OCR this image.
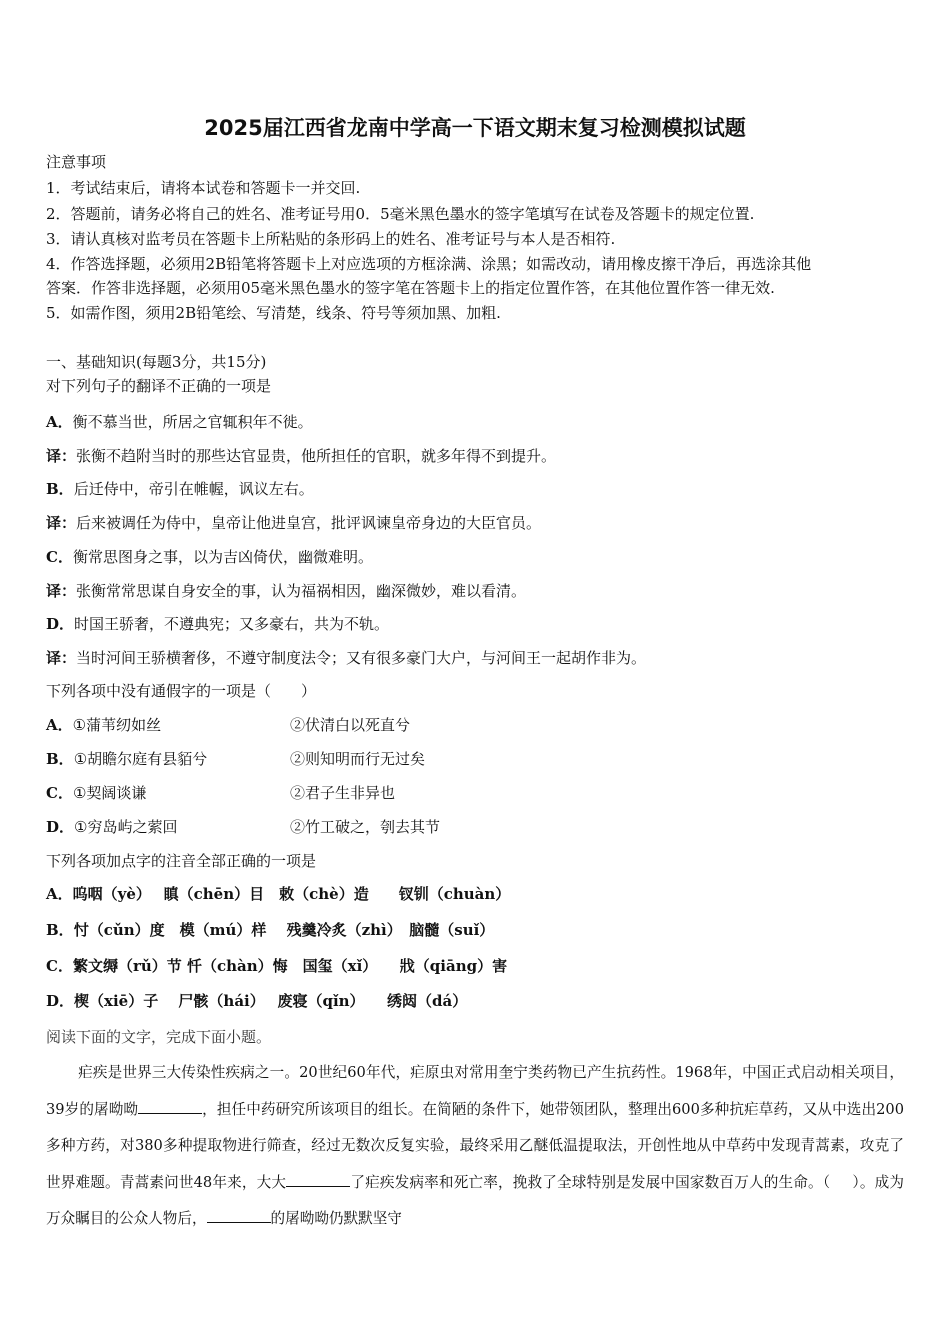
2025届江西省龙南中学高一下语文期末复习检测模拟试题
注意事项
1．考试结束后，请将本试卷和答题卡一并交回.
2．答题前，请务必将自己的姓名、准考证号用0．5毫米黑色墨水的签字笔填写在试卷及答题卡的规定位置.
3．请认真核对监考员在答题卡上所粘贴的条形码上的姓名、准考证号与本人是否相符.
4．作答选择题，必须用2B铅笔将答题卡上对应选项的方框涂满、涂黑；如需改动，请用橡皮擦干净后，再选涂其他
答案．作答非选择题，必须用05毫米黑色墨水的签字笔在答题卡上的指定位置作答，在其他位置作答一律无效.
5．如需作图，须用2B铅笔绘、写清楚，线条、符号等须加黑、加粗.
一、基础知识(每题3分，共15分)
对下列句子的翻译不正确的一项是
A．衡不慕当世，所居之官辄积年不徙。
译：张衡不趋附当时的那些达官显贵，他所担任的官职，就多年得不到提升。
B．后迁侍中，帝引在帷幄，讽议左右。
译：后来被调任为侍中，皇帝让他进皇宫，批评讽谏皇帝身边的大臣官员。
C．衡常思图身之事，以为吉凶倚伏，幽微难明。
译：张衡常常思谋自身安全的事，认为福祸相因，幽深微妙，难以看清。
D．时国王骄奢，不遵典宪；又多豪右，共为不轨。
译：当时河间王骄横奢侈，不遵守制度法令；又有很多豪门大户，与河间王一起胡作非为。
下列各项中没有通假字的一项是（　　）
A．①蒲苇纫如丝	②伏清白以死直兮
B．①胡瞻尔庭有县貊兮	②则知明而行无过矣
C．①契阔谈谦	②君子生非异也
D．①穷岛屿之萦回	②竹工破之，刳去其节
下列各项加点字的注音全部正确的一项是
A．呜咽（yè）　 瞋（chēn）目　敕（chè）造　　钗钏（chuàn）
B．忖（cǔn）度　模（mú）样　 残羹冷炙（zhì）　脑髓（suǐ）
C．繁文缛（rǔ）节 忏（chàn）悔　国玺（xǐ）　　戕（qiāng）害
D．楔（xiē）子　 尸骸（hái）　 废寝（qǐn）　　绣闼（dá）
阅读下面的文字，完成下面小题。
疟疾是世界三大传染性疾病之一。20世纪60年代，疟原虫对常用奎宁类药物已产生抗药性。1968年，中国正式启动相关项目，39岁的屠呦呦	，担任中药研究所该项目的组长。在简陋的条件下，她带领团队，整理出600多种抗疟草药，又从中选出200多种方药，对380多种提取物进行筛查，经过无数次反复实验，最终采用乙醚低温提取法，开创性地从中草药中发现青蒿素，攻克了世界难题。青蒿素问世48年来，大大	了疟疾发病率和死亡率，挽救了全球特别是发展中国家数百万人的生命。（ ）。成为万众瞩目的公众人物后，	的屠呦呦仍默默坚守
